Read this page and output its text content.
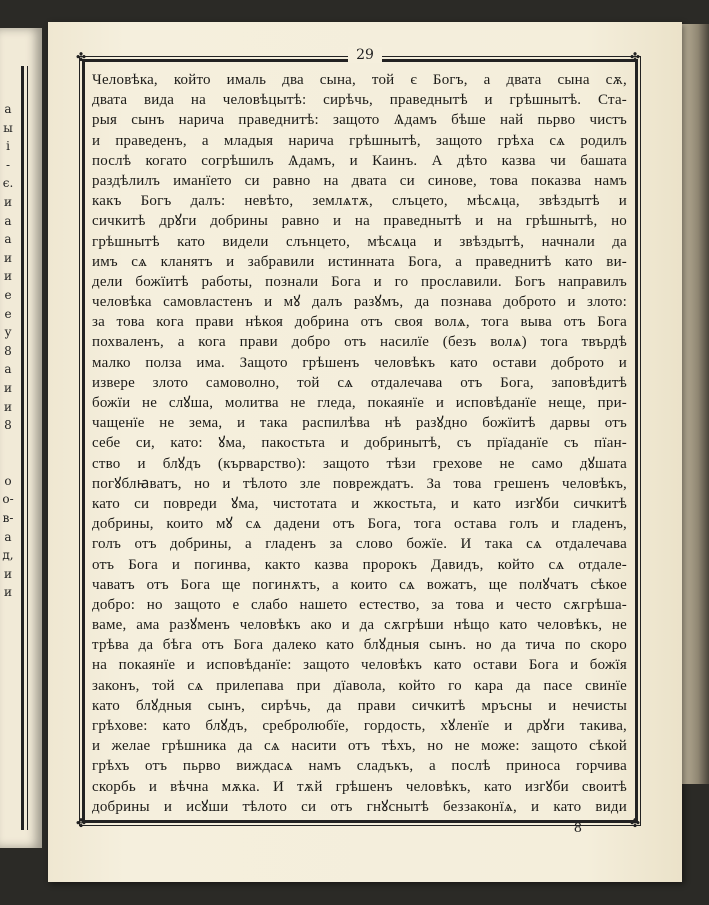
а
ы
і
-
є.
и
а
а
и
и
е
е
у
8
а
и
и
8
о
о-
в-
а
д,
и
и
29
✤	✤
✤	✤
Человѣка, който ималь два сына, той є Богъ, а двата сына сѫ,
двата вида на человѣцытѣ: сирѣчь, праведнытѣ и грѣшнытѣ. Ста-
рыя сынъ нарича праведнитѣ: защото Ѧдамъ бѣше най пьрво чистъ
и праведенъ, а младыя нарича грѣшнытѣ, защото грѣха сѧ родилъ
послѣ когато согрѣшилъ Ѧдамъ, и Каинъ. А дѣто казва чи башата
раздѣлилъ имaнїето си равно на двата си синове, това показва намъ
какъ Богъ далъ: невѣто, землѧтѫ, слъцето, мѣсѧца, звѣздытѣ и
сичкитѣ дрꙋги добрины равно и на праведнытѣ и на грѣшнытѣ, но
грѣшнытѣ като видели слънцето, мѣсѧца и звѣздытѣ, начнали да
имъ сѧ кланятъ и забравили истинната Бога, а праведнитѣ като ви-
дели божїитѣ работы, познали Бога и го прославили. Богъ направилъ
человѣка самовластенъ и мꙋ далъ разꙋмъ, да познава доброто и злото:
за това кога прави нѣкоя добрина отъ своя волѧ, тога выва отъ Бога
похваленъ, а кога прави добро отъ насилїе (безъ волѧ) тога твърдѣ
малко полза има. Защото грѣшенъ человѣкъ като остави доброто и
извере злото самоволно, той сѧ отдалечава отъ Бога, заповѣдитѣ
божїи не слꙋша, молитва не гледа, покаянїе и исповѣданїе неще, при-
чащенїе не зема, и така распилѣва нѣ разꙋдно божїитѣ дарвы отъ
себе си, като: ꙋма, пакостьта и добринытѣ, съ прїаданїе съ пїан-
ство и блꙋдъ (кърварство): защото тѣзи грехове не само дꙋшата
погꙋблꙗватъ, но и тѣлото зле повреждатъ. За това грешенъ человѣкъ,
като си повреди ꙋма, чистотата и жкостьта, и като изгꙋби сичкитѣ
добрины, които мꙋ сѧ дадени отъ Бога, тога остава голъ и гладенъ,
голъ отъ добрины, а гладенъ за слово божїе. И така сѧ отдалечава
отъ Бога и погинва, както казва пророкъ Давидъ, който сѧ отдале-
чаватъ отъ Бога ще погинѫтъ, а които сѧ вожатъ, ще полꙋчатъ сѣкое
добро: но защото е слабо нашето естество, за това и често сѫгрѣша-
ваме, ама разꙋменъ человѣкъ ако и да сѫгрѣши нѣщо като человѣкъ, не
трѣва да бѣга отъ Бога далеко като блꙋдныя сынъ. но да тича по скоро
на покаянїе и исповѣданїе: защото человѣкъ като остави Бога и божїя
законъ, той сѧ прилепава при дїавола, който го кара да пасе свинїе
като блꙋдныя сынъ, сирѣчь, да прави сичкитѣ мръсны и нечисты
грѣхове: като блꙋдъ, сребролюбїе, гордость, хꙋленїе и дрꙋги такива,
и желае грѣшника да сѧ насити отъ тѣхъ, но не може: защото сѣкой
грѣхъ отъ пьрво виждасѧ намъ сладъкъ, а послѣ приноса горчива
скорбь и вѣчна мѫка. И тѫй грѣшенъ человѣкъ, като изгꙋби своитѣ
добрины и исꙋши тѣлото си отъ гнꙋснытѣ беззаконїѧ, и като види
8
